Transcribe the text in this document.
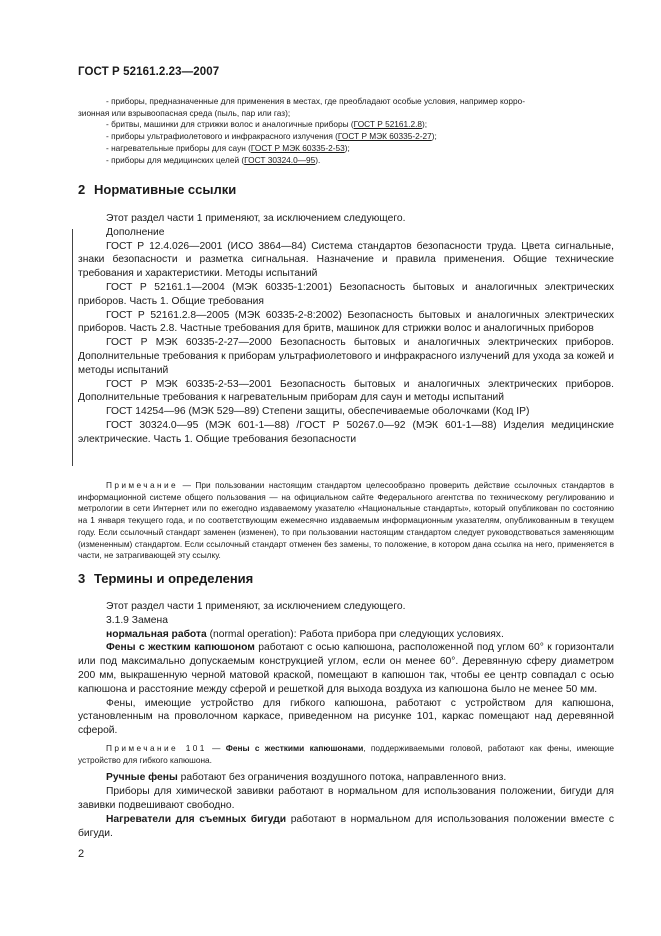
ГОСТ Р 52161.2.23—2007

- приборы, предназначенные для применения в местах, где преобладают особые условия, например корро-
зионная или взрывоопасная среда (пыль, пар или газ);

- бритвы, машинки для стрижки волос и аналогичные приборы (ГОСТ Р 52161.2.8);

- приборы ультрафиолетового и инфракрасного излучения (ГОСТ Р МЭК 60335-2-27);

- нагревательные приборы для саун (ГОСТ Р МЭК 60335-2-53);

- приборы для медицинских целей (ГОСТ 30324.0—95).

2 Нормативные ссылки

Этот раздел части 1 применяют, за исключением следующего.

Дополнение

ГОСТ Р 12.4.026—2001 (ИСО 3864—84) Система стандартов безопасности труда. Цвета сигнальные, знаки безопасности и разметка сигнальная. Назначение и правила применения. Общие технические требования и характеристики. Методы испытаний

ГОСТ Р 52161.1—2004 (МЭК 60335-1:2001) Безопасность бытовых и аналогичных электрических приборов. Часть 1. Общие требования

ГОСТ Р 52161.2.8—2005 (МЭК 60335-2-8:2002) Безопасность бытовых и аналогичных электрических приборов. Часть 2.8. Частные требования для бритв, машинок для стрижки волос и аналогичных приборов

ГОСТ Р МЭК 60335-2-27—2000 Безопасность бытовых и аналогичных электрических приборов. Дополнительные требования к приборам ультрафиолетового и инфракрасного излучений для ухода за кожей и методы испытаний

ГОСТ Р МЭК 60335-2-53—2001 Безопасность бытовых и аналогичных электрических приборов. Дополнительные требования к нагревательным приборам для саун и методы испытаний

ГОСТ 14254—96 (МЭК 529—89) Степени защиты, обеспечиваемые оболочками (Код IP)

ГОСТ 30324.0—95 (МЭК 601-1—88) /ГОСТ Р 50267.0—92 (МЭК 601-1—88) Изделия медицинские электрические. Часть 1. Общие требования безопасности

Примечание — При пользовании настоящим стандартом целесообразно проверить действие ссылочных стандартов в информационной системе общего пользования — на официальном сайте Федерального агентства по техническому регулированию и метрологии в сети Интернет или по ежегодно издаваемому указателю «Национальные стандарты», который опубликован по состоянию на 1 января текущего года, и по соответствующим ежемесячно издаваемым информационным указателям, опубликованным в текущем году. Если ссылочный стандарт заменен (изменен), то при пользовании настоящим стандартом следует руководствоваться заменяющим (измененным) стандартом. Если ссылочный стандарт отменен без замены, то положение, в котором дана ссылка на него, применяется в части, не затрагивающей эту ссылку.

3 Термины и определения

Этот раздел части 1 применяют, за исключением следующего.

3.1.9 Замена

нормальная работа (normal operation): Работа прибора при следующих условиях.

Фены с жестким капюшоном работают с осью капюшона, расположенной под углом 60° к горизонтали или под максимально допускаемым конструкцией углом, если он менее 60°. Деревянную сферу диаметром 200 мм, выкрашенную черной матовой краской, помещают в капюшон так, чтобы ее центр совпадал с осью капюшона и расстояние между сферой и решеткой для выхода воздуха из капюшона было не менее 50 мм.

Фены, имеющие устройство для гибкого капюшона, работают с устройством для капюшона, установленным на проволочном каркасе, приведенном на рисунке 101, каркас помещают над деревянной сферой.

Примечание 101 — Фены с жесткими капюшонами, поддерживаемыми головой, работают как фены, имеющие устройство для гибкого капюшона.

Ручные фены работают без ограничения воздушного потока, направленного вниз.

Приборы для химической завивки работают в нормальном для использования положении, бигуди для завивки подвешивают свободно.

Нагреватели для съемных бигуди работают в нормальном для использования положении вместе с бигуди.

2
